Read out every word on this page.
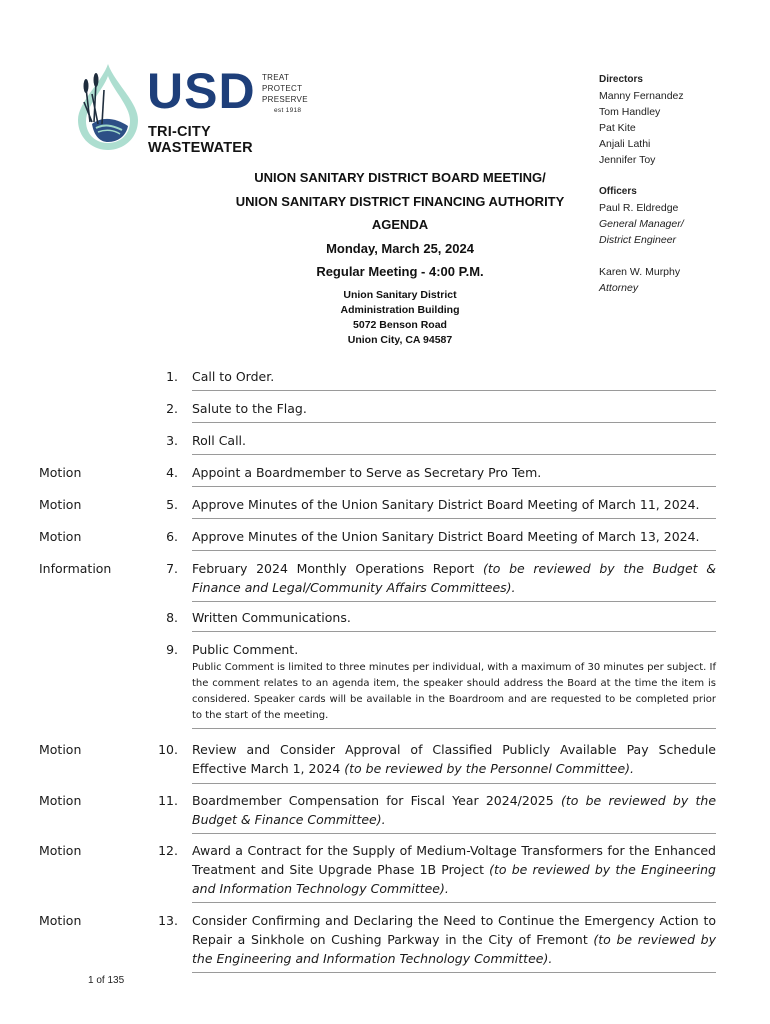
USD TREAT
PROTECT
PRESERVE
est 1918
TRI-CITY WASTEWATER
Directors
Manny Fernandez
Tom Handley
Pat Kite
Anjali Lathi
Jennifer Toy
Officers
Paul R. Eldredge
General Manager/
District Engineer
Karen W. Murphy
Attorney
UNION SANITARY DISTRICT BOARD MEETING/
UNION SANITARY DISTRICT FINANCING AUTHORITY
AGENDA
Monday, March 25, 2024
Regular Meeting - 4:00 P.M.
Union Sanitary District
Administration Building
5072 Benson Road
Union City, CA 94587
1. Call to Order.
2. Salute to the Flag.
3. Roll Call.
Motion	4. Appoint a Boardmember to Serve as Secretary Pro Tem.
Motion	5. Approve Minutes of the Union Sanitary District Board Meeting of March 11, 2024.
Motion	6. Approve Minutes of the Union Sanitary District Board Meeting of March 13, 2024.
Information	7. February 2024 Monthly Operations Report (to be reviewed by the Budget & Finance and Legal/Community Affairs Committees).
8. Written Communications.
9. Public Comment.
Public Comment is limited to three minutes per individual, with a maximum of 30 minutes per subject. If the comment relates to an agenda item, the speaker should address the Board at the time the item is considered. Speaker cards will be available in the Boardroom and are requested to be completed prior to the start of the meeting.
Motion	10. Review and Consider Approval of Classified Publicly Available Pay Schedule Effective March 1, 2024 (to be reviewed by the Personnel Committee).
Motion	11. Boardmember Compensation for Fiscal Year 2024/2025 (to be reviewed by the Budget & Finance Committee).
Motion	12. Award a Contract for the Supply of Medium-Voltage Transformers for the Enhanced Treatment and Site Upgrade Phase 1B Project (to be reviewed by the Engineering and Information Technology Committee).
Motion	13. Consider Confirming and Declaring the Need to Continue the Emergency Action to Repair a Sinkhole on Cushing Parkway in the City of Fremont (to be reviewed by the Engineering and Information Technology Committee).
1 of 135
